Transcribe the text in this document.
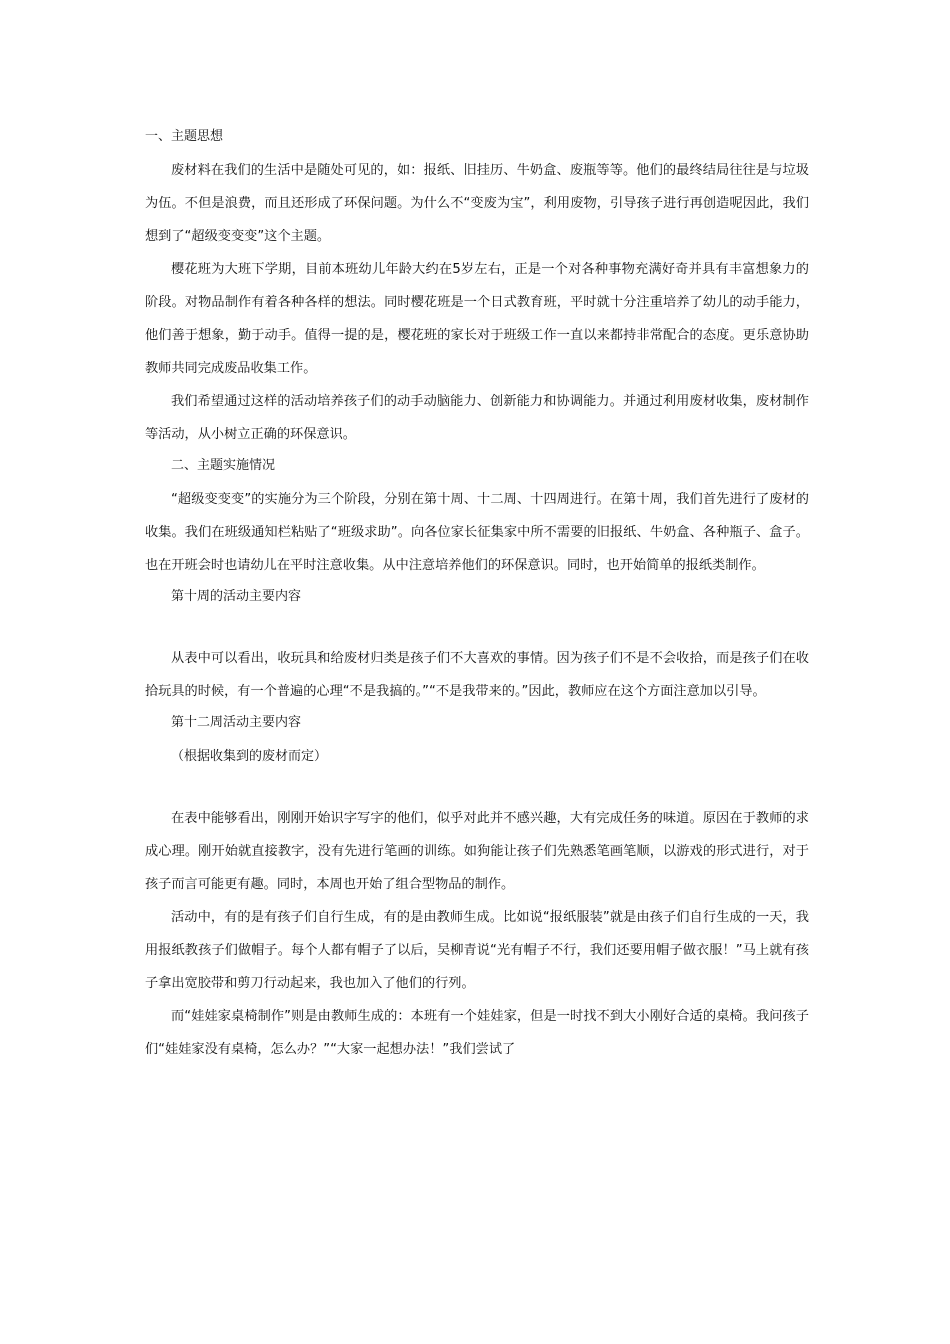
一、主题思想

废材料在我们的生活中是随处可见的，如：报纸、旧挂历、牛奶盒、废瓶等等。他们的最终结局往往是与垃圾为伍。不但是浪费，而且还形成了环保问题。为什么不“变废为宝”，利用废物，引导孩子进行再创造呢因此，我们想到了“超级变变变”这个主题。

樱花班为大班下学期，目前本班幼儿年龄大约在5岁左右，正是一个对各种事物充满好奇并具有丰富想象力的阶段。对物品制作有着各种各样的想法。同时樱花班是一个日式教育班，平时就十分注重培养了幼儿的动手能力，他们善于想象，勤于动手。值得一提的是，樱花班的家长对于班级工作一直以来都持非常配合的态度。更乐意协助教师共同完成废品收集工作。

我们希望通过这样的活动培养孩子们的动手动脑能力、创新能力和协调能力。并通过利用废材收集，废材制作等活动，从小树立正确的环保意识。

二、主题实施情况

“超级变变变”的实施分为三个阶段，分别在第十周、十二周、十四周进行。在第十周，我们首先进行了废材的收集。我们在班级通知栏粘贴了“班级求助”。向各位家长征集家中所不需要的旧报纸、牛奶盒、各种瓶子、盒子。也在开班会时也请幼儿在平时注意收集。从中注意培养他们的环保意识。同时，也开始简单的报纸类制作。

第十周的活动主要内容

从表中可以看出，收玩具和给废材归类是孩子们不大喜欢的事情。因为孩子们不是不会收拾，而是孩子们在收拾玩具的时候，有一个普遍的心理“不是我搞的。”“不是我带来的。”因此，教师应在这个方面注意加以引导。

第十二周活动主要内容
（根据收集到的废材而定）

在表中能够看出，刚刚开始识字写字的他们，似乎对此并不感兴趣，大有完成任务的味道。原因在于教师的求成心理。刚开始就直接教字，没有先进行笔画的训练。如狗能让孩子们先熟悉笔画笔顺，以游戏的形式进行，对于孩子而言可能更有趣。同时，本周也开始了组合型物品的制作。

活动中，有的是有孩子们自行生成，有的是由教师生成。比如说“报纸服装”就是由孩子们自行生成的一天，我用报纸教孩子们做帽子。每个人都有帽子了以后，吴柳青说“光有帽子不行，我们还要用帽子做衣服！”马上就有孩子拿出宽胶带和剪刀行动起来，我也加入了他们的行列。

而“娃娃家桌椅制作”则是由教师生成的：本班有一个娃娃家，但是一时找不到大小刚好合适的桌椅。我问孩子们“娃娃家没有桌椅，怎么办？”“大家一起想办法！”我们尝试了
